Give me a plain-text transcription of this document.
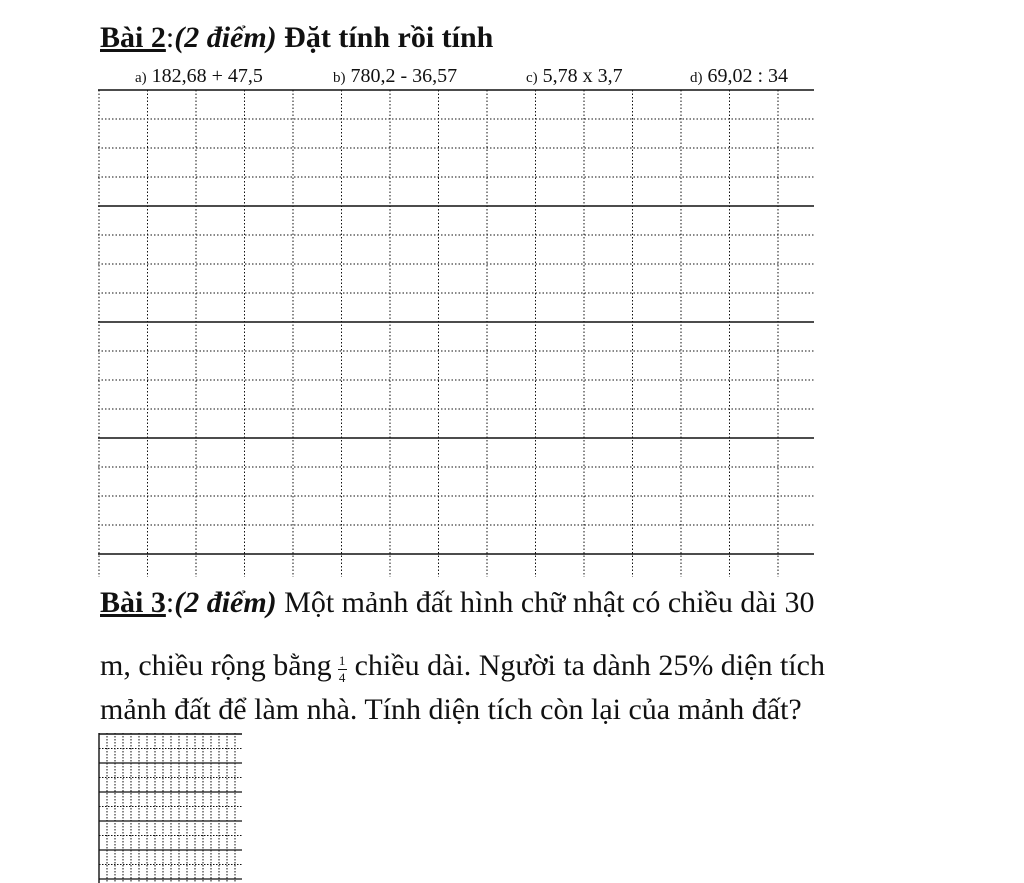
Bài 2:(2 điểm) Đặt tính rồi tính
a) 182,68 + 47,5	b) 780,2 - 36,57	c) 5,78 x 3,7	d) 69,02 : 34
Bài 3:(2 điểm) Một mảnh đất hình chữ nhật có chiều dài 30
m, chiều rộng bằng $\frac{1}{4}$ chiều dài. Người ta dành 25% diện tích
mảnh đất để làm nhà. Tính diện tích còn lại của mảnh đất?
